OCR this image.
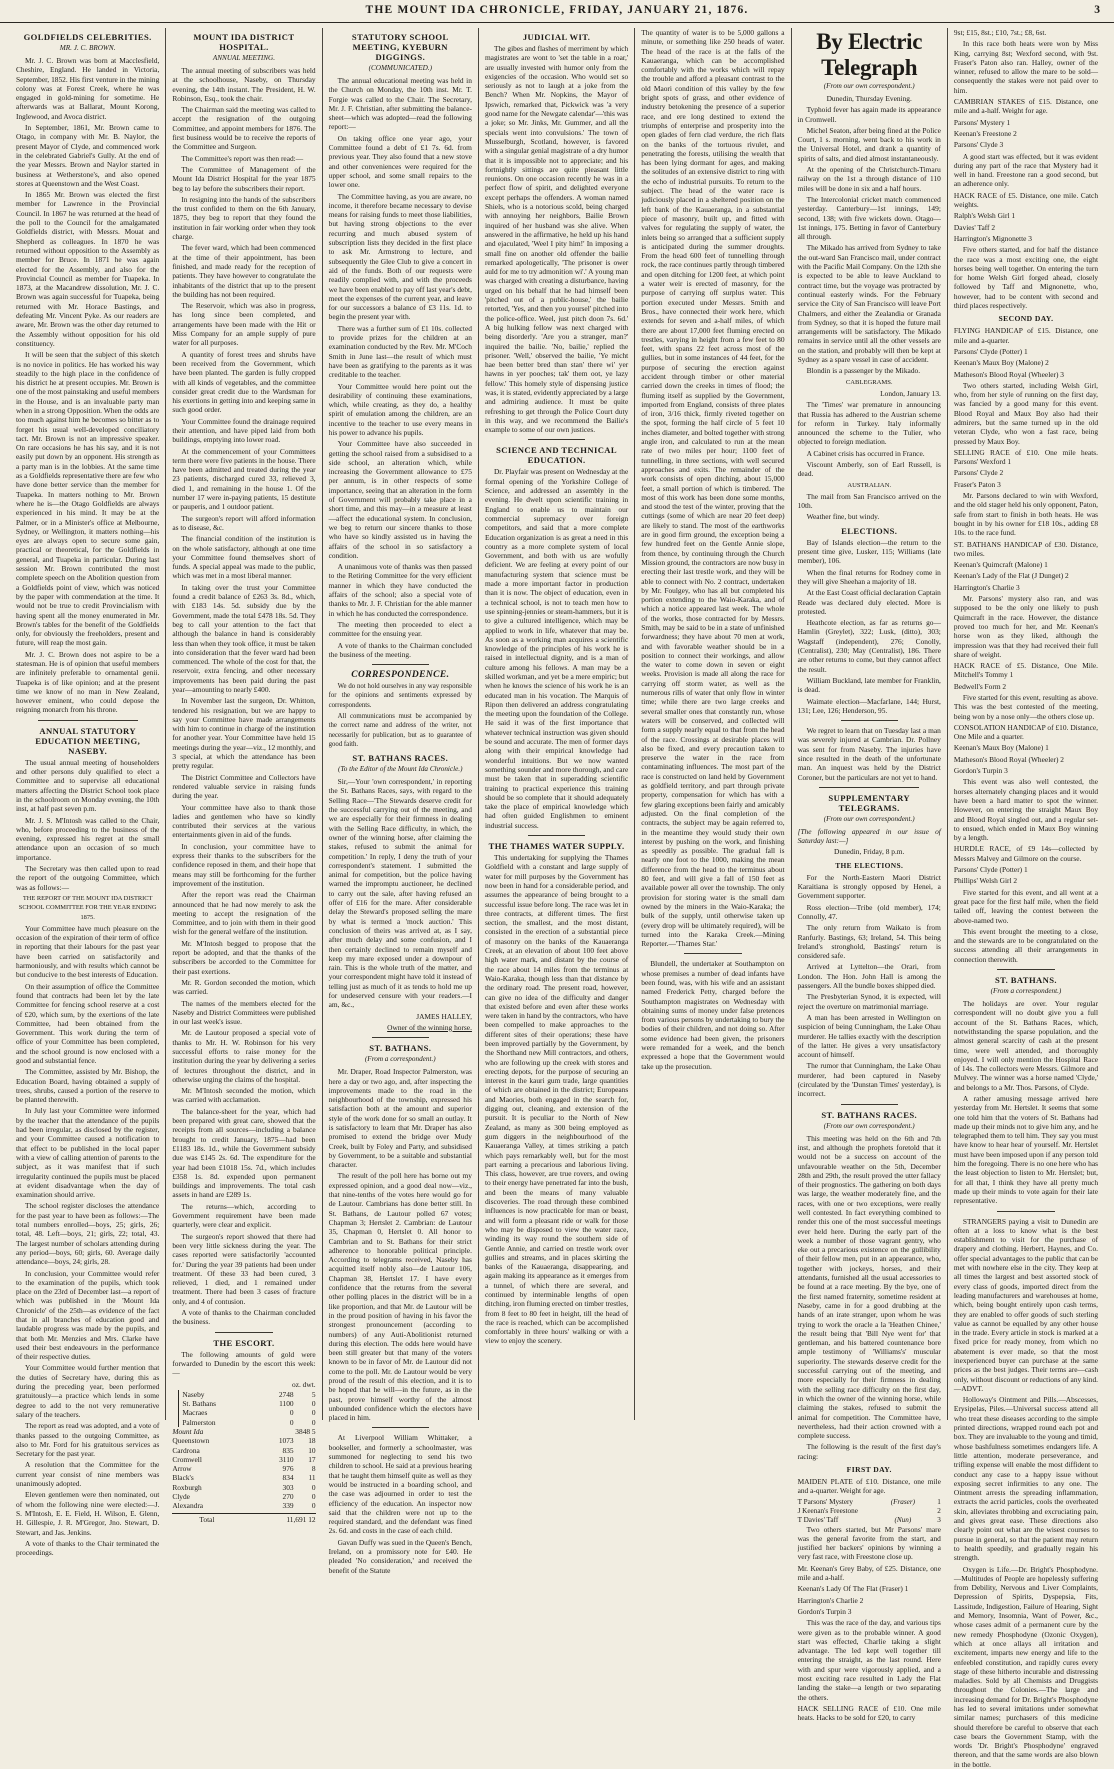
THE MOUNT IDA CHRONICLE, FRIDAY, JANUARY 21, 1876.	3
GOLDFIELDS CELEBRITIES.
MR. J. C. BROWN.

Mr. J. C. Brown was born at Macclesfield, Cheshire, England. He landed in Victoria, September, 1852. His first venture in the mining colony was at Forest Creek, where he was engaged in gold-mining for sometime. He afterwards was at Ballarat, Mount Korong, Inglewood, and Avoca district.

In September, 1861, Mr. Brown came to Otago, in company with Mr. B. Naylor, the present Mayor of Clyde, and commenced work in the celebrated Gabriel's Gully. At the end of the year Messrs. Brown and Naylor started in business at Wetherstone's, and also opened stores at Queenstown and the West Coast.

In 1865 Mr. Brown was elected the first member for Lawrence in the Provincial Council. In 1867 he was returned at the head of the poll to the Council for the amalgamated Goldfields district, with Messrs. Mouat and Shepherd as colleagues. In 1870 he was returned without opposition to the Assembly as member for Bruce. In 1871 he was again elected for the Assembly, and also for the Provincial Council as member for Tuapeka. In 1873, at the Macandrew dissolution, Mr. J. C. Brown was again successful for Tuapeka, being returned with Mr. Horace Bastings, and defeating Mr. Vincent Pyke. As our readers are aware, Mr. Brown was the other day returned to the Assembly without opposition for his old constituency.

It will be seen that the subject of this sketch is no novice in politics. He has worked his way steadily to the high place in the confidence of his district he at present occupies. Mr. Brown is one of the most painstaking and useful members in the House, and is an invaluable party man when in a strong Opposition. When the odds are too much against him he becomes so bitter as to forget his usual well-developed conciliatory tact. Mr. Brown is not an impressive speaker. On rare occasions he has his say, and it is not easily put down by an opponent. His strength as a party man is in the lobbies. At the same time as a Goldfields representative there are few who have done better service than the member for Tuapeka. In matters nothing to Mr. Brown where he is—the Otago Goldfields are always experienced in his mind. It may be at the Palmer, or in a Minister's office at Melbourne, Sydney, or Wellington, it matters nothing—his eyes are always open to secure some gain, practical or theoretical, for the Goldfields in general, and Tuapeka in particular. During last session Mr. Brown contributed the most complete speech on the Abolition question from a Goldfields point of view, which was noticed by the paper with commendation at the time. It would not be true to credit Provincialism with having spent all the money enumerated in Mr. Brown's tables for the benefit of the Goldfields only, for obviously the freeholders, present and future, will reap the most gain.

Mr. J. C. Brown does not aspire to be a statesman. He is of opinion that useful members are infinitely preferable to ornamental genii. Tuapeka is of like opinion; and at the present time we know of no man in New Zealand, however eminent, who could depose the reigning monarch from his throne.

ANNUAL STATUTORY EDUCATION MEETING, NASEBY.

The usual annual meeting of householders and other persons duly qualified to elect a Committee and to supervise all educational matters affecting the District School took place in the schoolroom on Monday evening, the 10th inst, at half past seven p.m.

Mr. J. S. M'Intosh was called to the Chair, who, before proceeding to the business of the evening, expressed his regret at the small attendance upon an occasion of so much importance.

The Secretary was then called upon to read the report of the outgoing Committee, which was as follows:—

THE REPORT OF THE MOUNT IDA DISTRICT SCHOOL COMMITTEE FOR THE YEAR ENDING 1875.

Your Committee have much pleasure on the occasion of the expiration of their term of office in reporting that their labours for the past year have been carried on satisfactorily and harmoniously, and with results which cannot be but conducive to the best interests of Education.

On their assumption of office the Committee found that contracts had been let by the late Committee for fencing school reserve at a cost of £20, which sum, by the exertions of the late Committee, had been obtained from the Government. This work during the term of office of your Committee has been completed, and the school ground is now enclosed with a good and substantial fence.

The Committee, assisted by Mr. Bishop, the Education Board, having obtained a supply of trees, shrubs, caused a portion of the reserve to be planted therewith.

In July last your Committee were informed by the teacher that the attendance of the pupils had been irregular, as disclosed by the register, and your Committee caused a notification to that effect to be published in the local paper with a view of calling attention of parents to the subject, as it was manifest that if such irregularity continued the pupils must be placed at evident disadvantage when the day of examination should arrive.

The school register discloses the attendance for the past year to have been as follows:—The total numbers enrolled—boys, 25; girls, 26; total, 48. Left—boys, 21; girls, 22; total, 43. The largest number of scholars attending during any period—boys, 60; girls, 60. Average daily attendance—boys, 24; girls, 28.

In conclusion, your Committee would refer to the examination of the pupils, which took place on the 23rd of December last—a report of which was published in the 'Mount Ida Chronicle' of the 25th—as evidence of the fact that in all branches of education good and laudable progress was made by the pupils, and that both Mr. Menzies and Mrs. Clarke have used their best endeavours in the performance of their respective duties.

Your Committee would further mention that the duties of Secretary have, during this as during the preceding year, been performed gratuitously—a practice which lends in some degree to add to the not very remunerative salary of the teachers.

The report as read was adopted, and a vote of thanks passed to the outgoing Committee, as also to Mr. Ford for his gratuitous services as Secretary for the past year.

A resolution that the Committee for the current year consist of nine members was unanimously adopted.

Eleven gentlemen were then nominated, out of whom the following nine were elected:—J. S. M'Intosh, E. E. Field, H. Wilson, E. Glenn, H. Gillespie, J. R. M'Gregor, Jno. Stewart, D. Stewart, and Jas. Jenkins.

A vote of thanks to the Chair terminated the proceedings.

MOUNT IDA DISTRICT HOSPITAL.
ANNUAL MEETING.

The annual meeting of subscribers was held at the schoolhouse, Naseby, on Thursday evening, the 14th instant. The President, H. W. Robinson, Esq., took the chair.

The Chairman said the meeting was called to accept the resignation of the outgoing Committee, and appoint members for 1876. The first business would be to receive the reports of the Committee and Surgeon.

The Committee's report was then read:—

The Committee of Management of the Mount Ida District Hospital for the year 1875 beg to lay before the subscribers their report.

In resigning into the hands of the subscribers the trust confided to them on the 6th January, 1875, they beg to report that they found the institution in fair working order when they took charge.

The fever ward, which had been commenced at the time of their appointment, has been finished, and made ready for the reception of patients. They have however to congratulate the inhabitants of the district that up to the present the building has not been required.

The Reservoir, which was also in progress, has long since been completed, and arrangements have been made with the Hit or Miss Company for an ample supply of pure water for all purposes.

A quantity of forest trees and shrubs have been received from the Government, which have been planted. The garden is fully cropped with all kinds of vegetables, and the committee consider great credit due to the Wardsman for his exertions in getting into and keeping same in such good order.

Your Committee found the drainage required their attention, and have piped laid from both buildings, emptying into lower road.

At the commencement of your Committees term there were five patients in the house. There have been admitted and treated during the year 23 patients, discharged cured 33, relieved 3, died 1, and remaining in the house 1. Of the number 17 were in-paying patients, 15 destitute or pauperis, and 1 outdoor patient.

The surgeon's report will afford information as to disease, &c.

The financial condition of the institution is on the whole satisfactory, although at one time your Committee found themselves short of funds. A special appeal was made to the public, which was met in a most liberal manner.

In taking over the trust your Committee found a credit balance of £263 3s. 8d., which, with £183 14s. 5d. subsidy due by the Government, made the total £478 18s. 5d. They beg to call your attention to the fact that although the balance in hand is considerably less than when they took office, it must be taken into consideration that the fever ward had been commenced. The whole of the cost for that, the reservoir, extra fencing, and other necessary improvements has been paid during the past year—amounting to nearly £400.

In November last the surgeon, Dr. Whitton, tendered his resignation, but we are happy to say your Committee have made arrangements with him to continue in charge of the institution for another year. Your Committee have held 15 meetings during the year—viz., 12 monthly, and 3 special, at which the attendance has been pretty regular.

The District Committee and Collectors have rendered valuable service in raising funds during the year.

Your committee have also to thank those ladies and gentlemen who have so kindly contributed their services at the various entertainments given in aid of the funds.

In conclusion, your committee have to express their thanks to the subscribers for the confidence reposed in them, and their hope that means may still be forthcoming for the further improvement of the institution.

After the report was read the Chairman announced that he had now merely to ask the meeting to accept the resignation of the Committee, and to join with them in their good wish for the general welfare of the institution.

Mr. M'Intosh begged to propose that the report be adopted, and that the thanks of the subscribers be accorded to the Committee for their past exertions.

Mr. R. Gordon seconded the motion, which was carried.

The names of the members elected for the Naseby and District Committees were published in our last week's issue.

Mr. de Lautour proposed a special vote of thanks to Mr. H. W. Robinson for his very successful efforts to raise money for the institution during the year by delivering a series of lectures throughout the district, and in otherwise urging the claims of the hospital.

Mr. M'Intosh seconded the motion, which was carried with acclamation.

The balance-sheet for the year, which had been prepared with great care, showed that the receipts from all sources—including a balance brought to credit January, 1875—had been £1183 18s. 1d., while the Government subsidy due was £145 2s. 6d. The expenditure for the year had been £1018 15s. 7d., which includes £358 1s. 8d. expended upon permanent buildings and improvements. The total cash assets in hand are £289 1s.

The returns—which, according to Government requirement have been made quarterly, were clear and explicit.

The surgeon's report showed that there had been very little sickness during the year. The cases reported were satisfactorily 'accounted for.' During the year 39 patients had been under treatment. Of these 33 had been cured, 3 relieved, 1 died, and 1 remained under treatment. There had been 3 cases of fracture only, and 4 of contusion.

A vote of thanks to the Chairman concluded the business.

THE ESCORT.

The following amounts of gold were forwarded to Dunedin by the escort this week:—

oz. dwt.
Naseby	2748	5
St. Bathans	1100	0
Macraes	0	0
Palmerston	0	0
Mount Ida	3848 5
Queenstown	1073	18
Cardrona	835	10
Cromwell	3110	17
Arrow	976	8
Black's	834	11
Roxburgh	303	0
Clyde	270	0
Alexandra	339	0
Total	11,691 12
STATUTORY SCHOOL MEETING, KYEBURN DIGGINGS.
(COMMUNICATED.)

The annual educational meeting was held in the Church on Monday, the 10th inst. Mr. T. Forgie was called to the Chair. The Secretary, Mr. J. F. Christian, after submitting the balance-sheet—which was adopted—read the following report:—

On taking office one year ago, your Committee found a debt of £1 7s. 6d. from previous year. They also found that a new stove and other conveniences were required for the upper school, and some small repairs to the lower one.

The Committee having, as you are aware, no income, it therefore became necessary to devise means for raising funds to meet those liabilities, but having strong objections to the ever recurring and much abused system of subscription lists they decided in the first place to ask Mr. Armstrong to lecture, and subsequently the Glee Club to give a concert in aid of the funds. Both of our requests were readily complied with, and with the proceeds we have been enabled to pay off last year's debt, meet the expenses of the current year, and leave for our successors a balance of £3 11s. 1d. to begin the present year with.

There was a further sum of £1 10s. collected to provide prizes for the children at an examination conducted by the Rev. Mr. M'Coch Smith in June last—the result of which must have been as gratifying to the parents as it was creditable to the teacher.

Your Committee would here point out the desirability of continuing these examinations, which, while creating, as they do, a healthy spirit of emulation among the children, are an incentive to the teacher to use every means in his power to advance his pupils.

Your Committee have also succeeded in getting the school raised from a subsidised to a side school, an alteration which, while increasing the Government allowance to £75 per annum, is in other respects of some importance, seeing that an alteration in the form of Government will probably take place in a short time, and this may—in a measure at least—affect the educational system. In conclusion, we beg to return our sincere thanks to those who have so kindly assisted us in having the affairs of the school in so satisfactory a condition.

A unanimous vote of thanks was then passed to the Retiring Committee for the very efficient manner in which they have conducted the affairs of the school; also a special vote of thanks to Mr. J. F. Christian for the able manner in which he has conducted the correspondence.

The meeting then proceeded to elect a committee for the ensuing year.

A vote of thanks to the Chairman concluded the business of the meeting.

CORRESPONDENCE.

We do not hold ourselves in any way responsible for the opinions and sentiments expressed by correspondents.

All communications must be accompanied by the correct name and address of the writer, not necessarily for publication, but as to guarantee of good faith.

ST. BATHANS RACES.
(To the Editor of the Mount Ida Chronicle.)

Sir,—Your 'own correspondent,' in reporting the St. Bathans Races, says, with regard to the Selling Race—'The Stewards deserve credit for the successful carrying out of the meeting, and we are especially for their firmness in dealing with the Selling Race difficulty, in which, the owner of the winning horse, after claiming the stakes, refused to submit the animal for competition.' In reply, I deny the truth of your correspondent's statement. I submitted the animal for competition, but the police having warned the impromptu auctioneer, he declined to carry out the sale, after having refused an offer of £16 for the mare. After considerable delay the Steward's proposed selling the mare by what is termed a 'mock auction.' This conclusion of theirs was arrived at, as I say, after much delay and some confusion, and I then certainly declined to remain myself and keep my mare exposed under a downpour of rain. This is the whole truth of the matter, and your correspondent might have told it instead of telling just as much of it as tends to hold me up for undeserved censure with your readers.—I am, &c.,

JAMES HALLEY,
Owner of the winning horse.
ST. BATHANS.
(From a correspondent.)

Mr. Draper, Road Inspector Palmerston, was here a day or two ago, and, after inspecting the improvements made to the road in the neighbourhood of the township, expressed his satisfaction both at the amount and superior style of the work done for so small an outlay. It is satisfactory to learn that Mr. Draper has also promised to extend the bridge over Mudy Creek, built by Foley and Party, and subsidised by Government, to be a suitable and substantial character.

The result of the poll here has borne out my expressed opinion, and a good deal now—viz., that nine-tenths of the votes here would go for de Lautour. Cambrians has done better still. In St. Bathans, de Lautour polled 67 votes; Chapman 3; Hertslet 2. Cambrian: de Lautour 35, Chapman 0, Hertslet 0. All honor to Cambrian and to St. Bathans for their strict adherence to honorable political principle. According to telegrams received, Naseby has acquitted itself nobly also—de Lautour 106, Chapman 38, Hertslet 17. I have every confidence that the returns from the several other polling places in the district will be in a like proportion, and that Mr. de Lautour will be in the proud position of having in his favor the strongest pronouncement (according to numbers) of any Auti-Abolitionist returned during this election. The odds here would have been still greater but that many of the voters known to be in favor of Mr. de Lautour did not come to the poll. Mr. de Lautour would be very proud of the result of this election, and it is to be hoped that he will—in the future, as in the past, prove himself worthy of the almost unbounded confidence which the electors have placed in him.

At Liverpool William Whittaker, a bookseller, and formerly a schoolmaster, was summoned for neglecting to send his two children to school. He said at a previous hearing that he taught them himself quite as well as they would be instructed in a boarding school, and the case was adjourned in order to test the efficiency of the education. An inspector now said that the children were not up to the required standard, and the defendant was fined 2s. 6d. and costs in the case of each child.

Gavan Duffy was sued in the Queen's Bench, Ireland, on a promissory note for £40. He pleaded 'No consideration,' and received the benefit of the Statute

JUDICIAL WIT.

The gibes and flashes of merriment by which magistrates are wont to 'set the table in a roar,' are usually invested with humor only from the exigencies of the occasion. Who would set so seriously as not to laugh at a joke from the Bench? When Mr. Nopkins, the Mayor of Ipswich, remarked that, Pickwick was 'a very good name for the Newgate calendar'—'this was a joke; so Mr. Jinks, Mr. Gummer, and all the specials went into convulsions.' The town of Musselburgh, Scotland, however, is favored with a singular genial magistrate of a dry humor that it is impossible not to appreciate; and his fortnightly sittings are quite pleasant little reunions. On one occasion recently he was in a perfect flow of spirit, and delighted everyone except perhaps the offenders. A woman named Shiels, who is a notorious scold, being charged with annoying her neighbors, Bailie Brown inquired of her husband was she alive. When answered in the affirmative, he held up his hand and ejaculated, 'Weel I pity him!' In imposing a small fine on another old offender the bailie remarked apologetically, 'The prisoner is ower auld for me to try admonition wi'.' A young man was charged with creating a disturbance, having urged on his behalf that he had himself been 'pitched out of a public-house,' the bailie retorted, 'Yes, and then you yoursel' pitched into the police-office. Weel, just pitch doon 7s. 6d.' A big hulking fellow was next charged with being disorderly. 'Are you a stranger, man?' inquired the bailie. 'No, bailie,' replied the prisoner. 'Well,' observed the bailie, 'Ye micht hae been better bred than stan' there wi' yer hawns in yer pooches; tak' them oot, ye lazy fellow.' This homely style of dispensing justice was, it is stated, evidently appreciated by a large and admiring audience. It must be quite refreshing to get through the Police Court duty in this way, and we recommend the Bailie's example to some of our own justices.

SCIENCE AND TECHNICAL EDUCATION.

Dr. Playfair was present on Wednesday at the formal opening of the Yorkshire College of Science, and addressed an assembly in the evening. He dwelt upon scientific training in England to enable us to maintain our commercial supremacy over foreign competitors, and said that a more complete Education organization is as great a need in this country as a more complete system of local Government, and both with us are wofully deficient. We are feeling at every point of our manufacturing system that science must be made a more important factor in production than it is now. The object of education, even in a technical school, is not to teach men how to use spinning-jennies or steam-hammers, but it is to give a cultured intelligence, which may be applied to work in life, whatever that may be. As soon as a working man acquires a scientific knowledge of the principles of his work he is raised in intellectual dignity, and is a man of culture among his fellows. A man may be a skilled workman, and yet be a mere empiric; but when he knows the science of his work he is an educated man in his vocation. The Marquis of Ripon then delivered an address congratulating the meeting upon the foundation of the College. He said it was of the first importance that whatever technical instruction was given should be sound and accurate. The men of former days along with their empirical knowledge had wonderful intuitions. But we now wanted something sounder and more thorough, and care must be taken that in superadding scientific training to practical experience this training should be so complete that it should adequately take the place of empirical knowledge which had often guided Englishmen to eminent industrial success.

THE THAMES WATER SUPPLY.

This undertaking for supplying the Thames Goldfield with a constant and large supply of water for mill purposes by the Government has now been in hand for a considerable period, and assumes the appearance of being brought to a successful issue before long. The race was let in three contracts, at different times. The first section, the smallest, and the most distant, consisted in the erection of a substantial piece of masonry on the banks of the Kauaeranga Creek, at an elevation of about 100 feet above high water mark, and distant by the course of the race about 14 miles from the terminus at Waio-Karaka, though less than that distance by the ordinary road. The present road, however, can give no idea of the difficulty and danger that existed before and even after these works were taken in hand by the contractors, who have been compelled to make approaches to the different sites of their operations; these have been improved partially by the Government, by the Shorthand new Mill contractors, and others, who are following up the creek with stores and erecting depots, for the purpose of securing an interest in the kauri gum trade, large quantities of which are obtained in the district; Europeans and Maories, both engaged in the search for, digging out, cleaning, and extension of the pursuit. It is peculiar to the North of New Zealand, as many as 300 being employed as gum diggers in the neighbourhood of the Kauaeranga Valley, at times striking a patch which pays remarkably well, but for the most part earning a precarious and laborious living. This class, however, are true rovers, and owing to their energy have penetrated far into the bush, and been the means of many valuable discoveries. The road through these combined influences is now practicable for man or beast, and will form a pleasant ride or walk for those who may be disposed to view the water race, winding its way round the southern side of Gentle Annie, and carried on trestle work over gullies and streams, and in places skirting the banks of the Kauaeranga, disappearing, and again making its appearance as it emerges from a tunnel, of which there are several, and continued by interminable lengths of open ditching, iron fluming erected on timber trestles, from 8 feet to 80 feet in height, till the head of the race is reached, which can be accomplished comfortably in three hours' walking or with a view to enjoy the scenery.

The quantity of water is to be 5,000 gallons a minute, or something like 250 heads of water. The head of the race is at the falls of the Kauaeranga, which can be accomplished comfortably with the works which will repay the trouble and afford a pleasant contrast to the old Maori condition of this valley by the few bright spots of grass, and other evidence of industry betokening the presence of a superior race, and ere long destined to extend the triumphs of enterprise and prosperity into the open glades of fern clad verdure, the rich flats on the banks of the tortuous rivulet, and penetrating the forests, utilising the wealth that has been lying dormant for ages, and making the solitudes of an extensive district to ring with the echo of industrial pursuits. To return to the subject. The head of the water race is judiciously placed in a sheltered position on the left bank of the Kauaeranga, in a substantial piece of masonry, built up, and fitted with valves for regulating the supply of water, the inlets being so arranged that a sufficient supply is anticipated during the summer droughts. From the head 600 feet of tunnelling through rock, the race continues partly through timbered and open ditching for 1200 feet, at which point a water weir is erected of masonry, for the purpose of carrying off surplus water. This portion executed under Messrs. Smith and Bros., have connected their work here, which extends for seven and a-half miles, of which there are about 17,000 feet fluming erected on trestles, varying in height from a few feet to 80 feet, with spans 22 feet across most of the gullies, but in some instances of 44 feet, for the purpose of securing the erection against accident through timber or other material carried down the creeks in times of flood; the fluming itself as supplied by the Government, imported from England, consists of three plates of iron, 3/16 thick, firmly riveted together on the spot, forming the half circle of 5 feet 10 inches diameter, and bolted together with strong angle iron, and calculated to run at the mean rate of two miles per hour; 1100 feet of tunnelling, in three sections, with well secured approaches and exits. The remainder of the work consists of open ditching, about 15,000 feet, a small portion of which is timbered. The most of this work has been done some months, and stood the test of the winter, proving that the cuttings (some of which are near 20 feet deep) are likely to stand. The most of the earthworks are in good firm ground, the exception being a few hundred feet on the Gentle Annie slope, from thence, by continuing through the Church Mission ground, the contractors are now busy in erecting their last trestle work, and they will be able to connect with No. 2 contract, undertaken by Mr. Foulgey, who has all but completed his portion extending to the Waio-Karaka, and of which a notice appeared last week. The whole of the works, those contracted for by Messrs. Smith, may be said to be in a state of unfinished forwardness; they have about 70 men at work, and with favorable weather should be in a position to connect their workings, and allow the water to come down in seven or eight weeks. Provision is made all along the race for carrying off storm water, as well as the numerous rills of water that only flow in winter time; while there are two large creeks and several smaller ones that constantly run, whose waters will be conserved, and collected will form a supply nearly equal to that from the head of the race. Crossings at desirable places will also be fixed, and every precaution taken to preserve the water in the race from contaminating influences. The most part of the race is constructed on land held by Government as goldfield territory, and part through private property, compensation for which has with a few glaring exceptions been fairly and amicably adjusted. On the final completion of the contracts, the subject may be again referred to, in the meantime they would study their own interest by pushing on the work, and finishing as speedily as possible. The gradual fall is nearly one foot to the 1000, making the mean difference from the head to the terminus about 80 feet, and will give a fall of 150 feet as available power all over the township. The only provision for storing water is the small dam owned by the miners in the Waio-Karaka; the bulk of the supply, until otherwise taken up (every drop will be ultimately required), will be turned into the Karaka Creek.—Mining Reporter.—'Thames Star.'

Blundell, the undertaker at Southampton on whose premises a number of dead infants have been found, was, with his wife and an assistant named Frederick Petty, charged before the Southampton magistrates on Wednesday with obtaining sums of money under false pretences from various persons by undertaking to bury the bodies of their children, and not doing so. After some evidence had been given, the prisoners were remanded for a week, and the bench expressed a hope that the Government would take up the prosecution.

By Electric Telegraph
(From our own correspondent.)

Dunedin, Thursday Evening.

Typhoid fever has again made its appearance in Cromwell.

Michel Seaton, after being fined at the Police Court, 1 s. morning, went back to his work in the Universal Hotel, and drank a quantity of spirits of salts, and died almost instantaneously.

At the opening of the Christchurch-Timaru railway on the 1st a through distance of 110 miles will be done in six and a half hours.

The Intercolonial cricket match commenced yesterday. Canterbury—1st innings, 149; second, 138; with five wickets down. Otago—1st innings, 175. Betting in favor of Canterbury all through.

The Mikado has arrived from Sydney to take the out-ward San Francisco mail, under contract with the Pacific Mail Company. On the 12th she is expected to be able to leave Auckland to contract time, but the voyage was protracted by continual easterly winds. For the February service the City of San Francisco will leave Port Chalmers, and either the Zealandia or Granada from Sydney, so that it is hoped the future mail arrangements will be satisfactory. The Mikado remains in service until all the other vessels are on the station, and probably will then be kept at Sydney as a spare vessel in case of accident.

Blondin is a passenger by the Mikado.

CABLEGRAMS.

London, January 13.

The 'Times' war premature in announcing that Russia has adhered to the Austrian scheme for reform in Turkey. Italy informally announced the scheme to the Tulier, who objected to foreign mediation.

A Cabinet crisis has occurred in France.

Viscount Amberly, son of Earl Russell, is dead.

AUSTRALIAN.

The mail from San Francisco arrived on the 10th.

Weather fine, but windy.

ELECTIONS.

Bay of Islands election—the return to the present time give, Lusker, 115; Williams (late member), 106.

When the final returns for Rodney come in they will give Sheehan a majority of 18.

At the East Coast official declaration Captain Reade was declared duly elected. More is protested.

Heathcote election, as far as returns go—Hamlin (Greylet), 322; Lusk, (ditto), 303; Wagstaff (independent), 276; Conolly, (Centralist), 230; May (Centralist), 186. There are other returns to come, but they cannot affect the result.

William Buckland, late member for Franklin, is dead.

Waimate election—Macfarlane, 144; Hurst, 131; Lee, 126; Henderson, 95.

We regret to learn that on Tuesday last a man was severely injured at Cambrian. Dr. Pollney was sent for from Naseby. The injuries have since resulted in the death of the unfortunate man. An inquest was held by the District Coroner, but the particulars are not yet to hand.

SUPPLEMENTARY TELEGRAMS.
(From our own correspondent.)

[The following appeared in our issue of Saturday last:—]

Dunedin, Friday, 8 p.m.

THE ELECTIONS.

For the North-Eastern Maori District Karaitiana is strongly opposed by Henei, a Government supporter.

Ross election—Tribe (old member), 174; Connolly, 47.

The only return from Waikato is from Ranfurly. Bastings, 63; Ireland, 54. This being Ireland's stronghold, Bastings' return is considered safe.

Arrived at Lyttelton—the Orari, from London. The Hon. John Hall is among the passengers. All the bundle boxes shipped died.

The Presbyterian Synod, it is expected, will reject the overture on matrimonial marriage.

A man has been arrested in Wellington on suspicion of being Cunningham, the Lake Ohau murderer. He tallies exactly with the description of the latter. He gives a very unsatisfactory account of himself.

The rumor that Cunningham, the Lake Ohau murderer, had been captured in Naseby (circulated by the 'Dunstan Times' yesterday), is incorrect.

ST. BATHANS RACES.
(From our own correspondent.)

This meeting was held on the 6th and 7th inst, and although the prophets foretold that it would not be a success on account of the unfavourable weather on the 5th, December 28th and 29th, the result proved the utter fallacy of their prognostics. The gathering on both days was large, the weather moderately fine, and the races, with one or two exceptions, were really well contested. In fact everything combined to render this one of the most successful meetings ever held here. During the early part of the week a number of those vagrant gentry, who eke out a precarious existence on the gullibility of their fellow men, put in an appearance, who, together with jockeys, horses, and their attendants, furnished all the usual accessories to be found at a race meeting. By the bye, one of the first named fraternity, sometime resident at Naseby, came in for a good drubbing at the hands of an irate stranger, upon whom he was trying to work the oracle a la 'Heathen Chinee,' the result being that 'Bill Nye went for' that gentleman, and his battered countenance bore ample testimony of 'Williams's' muscular superiority. The stewards deserve credit for the successful carrying out of the meeting, and more especially for their firmness in dealing with the selling race difficulty on the first day, in which the owner of the winning horse, while claiming the stakes, refused to submit the animal for competition. The Committee have, nevertheless, had their action crowned with a complete success.

The following is the result of the first day's racing:

FIRST DAY.

MAIDEN PLATE of £10. Distance, one mile and a-quarter. Weight for age.

T Parsons' Mystery	(Fraser)	1
J Keenan's Freestone	2
T Davies' Taff	(Nun)	3

Two others started, but Mr Parsons' mare was the general favorite from the start, and justified her backers' opinions by winning a very fast race, with Freestone close up.

Mr. Keenan's Grey Baby, of £25. Distance, one mile and a-half.

Keenan's Lady Of The Flat (Fraser) 1

Harrington's Charlie 2

Gordon's Turpin 3

This was the race of the day, and various tips were given as to the probable winner. A good start was effected, Charlie taking a slight advantage. The led kept well together till entering the straight, as the last round. Here with and spur were vigorously applied, and a most exciting race resulted in Lady the Flat landing the stake—a length or two separating the others.

HACK SELLING RACE of £10. One mile heats. Hacks to be sold for £20, to carry

9st; £15, 8st.; £10, 7st.; £8, 6st.

In this race both heats were won by Miss King, carrying 8st; Wexford second, with 9st. Fraser's Paton also ran. Halley, owner of the winner, refused to allow the mare to be sold—consequently the stakes were not paid over to him.

CAMBRIAN STAKES of £15. Distance, one mile and a-half. Weight for age.

Parsons' Mystery 1

Keenan's Freestone 2

Parsons' Clyde 3

A good start was effected, but it was evident during any part of the race that Mystery had it well in hand. Freestone ran a good second, but an adherence only.

HACK RACE of £5. Distance, one mile. Catch weights.

Ralph's Welsh Girl 1

Davies' Taff 2

Harrington's Mignonette 3

Five others started, and for half the distance the race was a most exciting one, the eight horses being well together. On entering the turn for home Welsh Girl forged ahead, closely followed by Taff and Mignonette, who, however, had to be content with second and third places respectively.

SECOND DAY.

FLYING HANDICAP of £15. Distance, one mile and a-quarter.

Parsons' Clyde (Potter) 1

Keenan's Maux Boy (Malone) 2

Matheson's Blood Royal (Wheeler) 3

Two others started, including Welsh Girl, who, from her style of running on the first day, was fancied by a good many for this event. Blood Royal and Maux Boy also had their admirers, but the same turned up in the old veteran Clyde, who won a fast race, being pressed by Maux Boy.

SELLING RACE of £10. One mile heats. Parsons' Wexford 1

Parsons' Clyde 2

Fraser's Paton 3

Mr. Parsons declared to win with Wexford, and the old stager held his only opponent, Paton, safe from start to finish in both heats. He was bought in by his owner for £18 10s., adding £8 10s. to the race fund.

ST. BATHANS HANDICAP of £30. Distance, two miles.

Keenan's Quimcraft (Malone) 1

Keenan's Lady of the Flat (J Dunget) 2

Harrington's Charlie 3

Mr. Parsons' mystery also ran, and was supposed to be the only one likely to push Quimcraft in the race. However, the distance proved too much for her, and Mr. Keenan's horse won as they liked, although the impression was that they had received their full share of weight.

HACK RACE of £5. Distance, One Mile. Mitchell's Tommy 1

Bedwell's Form 2

Five started for this event, resulting as above. This was the best contested of the meeting, being won by a nose only—the others close up.

CONSOLATION HANDICAP of £10. Distance, One Mile and a quarter.

Keenan's Maux Boy (Malone) 1

Matheson's Blood Royal (Wheeler) 2

Gordon's Turpin 3

This event was also well contested, the horses alternately changing places and it would have been a hard matter to spot the winner. However, on entering the straight Maux Boy and Blood Royal singled out, and a regular set-to ensued, which ended in Maux Boy winning by a length.

HURDLE RACE, of £9 14s—collected by Messrs Malvey and Gilmore on the course.

Parsons' Clyde (Potter) 1

Phillips' Welsh Girl 2

Five started for this event, and all went at a great pace for the first half mile, when the field tailed off, leaving the contest between the above-named two.

This event brought the meeting to a close, and the stewards are to be congratulated on the success attending all their arrangements in connection therewith.

ST. BATHANS.
(From a correspondent.)

The holidays are over. Your regular correspondent will no doubt give you a full account of the St. Bathans Races, which, notwithstanding the sparse population, and the almost general scarcity of cash at the present time, were well attended, and thoroughly enjoyed. I will only mention the Hospital Race of 14s. The collectors were Messrs. Gilmore and Mulvey. The winner was a horse named 'Clyde,' and belongs to a Mr. Thos. Parsons, of Clyde.

A rather amusing message arrived here yesterday from Mr. Hertslet. It seems that some one told him that the voters of St. Bathans had made up their minds not to give him any, and he telegraphed them to tell him. They say you must have know to hear hear of yourself. Mr. Hertslet must have been imposed upon if any person told him the foregoing. There is no one here who has the least objection to listen to Mr. Hertslet; but, for all that, I think they have all pretty much made up their minds to vote again for their late representative.

STRANGERS paying a visit to Dunedin are often at a loss to know what is the best establishment to visit for the purchase of drapery and clothing. Herbert, Haynes, and Co. offer special advantages to the public that can be met with nowhere else in the city. They keep at all times the largest and best assorted stock of every class of goods, imported direct from the leading manufacturers and warehouses at home, which, being bought entirely upon cash terms, they are enabled to offer goods of such sterling value as cannot be equalled by any other house in the trade. Every article in stock is marked at a fixed price for ready money, from which no abatement is ever made, so that the most inexperienced buyer can purchase at the same prices as the best judges. Their terms are—cash only, without discount or reductions of any kind.—ADVT.

Holloway's Ointment and Pills.—Abscesses, Erysipelas, Piles.—Universal success attend all who treat these diseases according to the simple printed directions, wrapped round each pot and box. They are invaluable to the young and timid, whose bashfulness sometimes endangers life. A little attention, moderate perseverance, and trifling expense will enable the most diffident to conduct any case to a happy issue without exposing secret infirmities to any one. The Ointment arrests the spreading inflammation, extracts the acrid particles, cools the overheated skin, alleviates throbbing and excruciating pain, and gives great ease. These directions also clearly point out what are the wisest courses to pursue in general, so that the patient may return to health speedily, and gradually regain his strength.

Oxygen is Life.—Dr. Bright's Phosphodyne.—Multitudes of People are hopelessly suffering from Debility, Nervous and Liver Complaints, Depression of Spirits, Dyspepsia, Fits, Lassitude, Indigestion, Failure of Hearing, Sight and Memory, Insomnia, Want of Power, &c., whose cases admit of a permanent cure by the new remedy Phosphodyne (Ozonic Oxygen), which at once allays all irritation and excitement, imparts new energy and life to the enfeebled constitution, and rapidly cures every stage of these hitherto incurable and distressing maladies. Sold by all Chemists and Druggists throughout the Colonies.—The large and increasing demand for Dr. Bright's Phosphodyne has led to several imitations under somewhat similar names; purchasers of this medicine should therefore be careful to observe that each case bears the Government Stamp, with the words 'Dr. Bright's Phosphodyne' engraved thereon, and that the same words are also blown in the bottle.
